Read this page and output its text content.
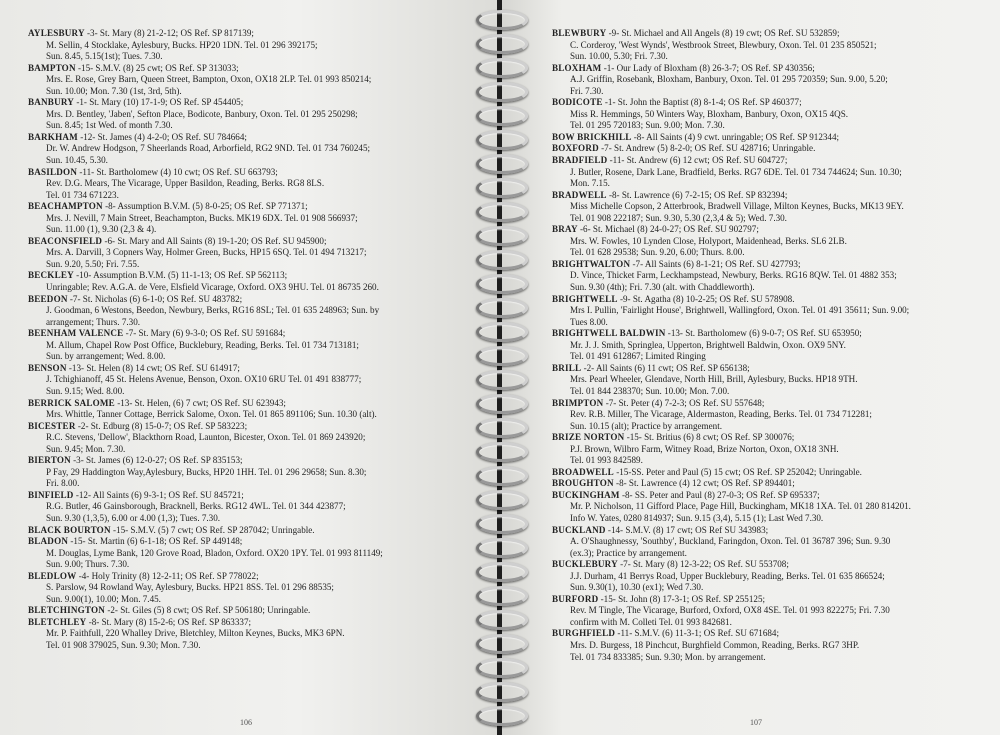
AYLESBURY -3- St. Mary (8) 21-2-12; OS Ref. SP 817139;
M. Sellin, 4 Stocklake, Aylesbury, Bucks. HP20 1DN. Tel. 01 296 392175;
Sun. 8.45, 5.15(1st); Tues. 7.30.
BAMPTON -15- S.M.V. (8) 25 cwt; OS Ref. SP 313033;
Mrs. E. Rose, Grey Barn, Queen Street, Bampton, Oxon, OX18 2LP. Tel. 01 993 850214;
Sun. 10.00; Mon. 7.30 (1st, 3rd, 5th).
BANBURY -1- St. Mary (10) 17-1-9; OS Ref. SP 454405;
Mrs. D. Bentley, 'Jaben', Sefton Place, Bodicote, Banbury, Oxon. Tel. 01 295 250298;
Sun. 8.45; 1st Wed. of month 7.30.
BARKHAM -12- St. James (4) 4-2-0; OS Ref. SU 784664;
Dr. W. Andrew Hodgson, 7 Sheerlands Road, Arborfield, RG2 9ND. Tel. 01 734 760245;
Sun. 10.45, 5.30.
BASILDON -11- St. Bartholomew (4) 10 cwt; OS Ref. SU 663793;
Rev. D.G. Mears, The Vicarage, Upper Basildon, Reading, Berks. RG8 8LS.
Tel. 01 734 671223.
BEACHAMPTON -8- Assumption B.V.M. (5) 8-0-25; OS Ref. SP 771371;
Mrs. J. Nevill, 7 Main Street, Beachampton, Bucks. MK19 6DX. Tel. 01 908 566937;
Sun. 11.00 (1), 9.30 (2,3 & 4).
BEACONSFIELD -6- St. Mary and All Saints (8) 19-1-20; OS Ref. SU 945900;
Mrs. A. Darvill, 3 Copners Way, Holmer Green, Bucks, HP15 6SQ. Tel. 01 494 713217;
Sun. 9.20, 5.50; Fri. 7.55.
BECKLEY -10- Assumption B.V.M. (5) 11-1-13; OS Ref. SP 562113;
Unringable; Rev. A.G.A. de Vere, Elsfield Vicarage, Oxford. OX3 9HU. Tel. 01 86735 260.
BEEDON -7- St. Nicholas (6) 6-1-0; OS Ref. SU 483782;
J. Goodman, 6 Westons, Beedon, Newbury, Berks, RG16 8SL; Tel. 01 635 248963; Sun. by
arrangement; Thurs. 7.30.
BEENHAM VALENCE -7- St. Mary (6) 9-3-0; OS Ref. SU 591684;
M. Allum, Chapel Row Post Office, Bucklebury, Reading, Berks. Tel. 01 734 713181;
Sun. by arrangement; Wed. 8.00.
BENSON -13- St. Helen (8) 14 cwt; OS Ref. SU 614917;
J. Tchighianoff, 45 St. Helens Avenue, Benson, Oxon. OX10 6RU Tel. 01 491 838777;
Sun. 9.15; Wed. 8.00.
BERRICK SALOME -13- St. Helen, (6) 7 cwt; OS Ref. SU 623943;
Mrs. Whittle, Tanner Cottage, Berrick Salome, Oxon. Tel. 01 865 891106; Sun. 10.30 (alt).
BICESTER -2- St. Edburg (8) 15-0-7; OS Ref. SP 583223;
R.C. Stevens, 'Dellow', Blackthorn Road, Launton, Bicester, Oxon. Tel. 01 869 243920;
Sun. 9.45; Mon. 7.30.
BIERTON -3- St. James (6) 12-0-27; OS Ref. SP 835153;
P Fay, 29 Haddington Way,Aylesbury, Bucks, HP20 1HH. Tel. 01 296 29658; Sun. 8.30;
Fri. 8.00.
BINFIELD -12- All Saints (6) 9-3-1; OS Ref. SU 845721;
R.G. Butler, 46 Gainsborough, Bracknell, Berks. RG12 4WL. Tel. 01 344 423877;
Sun. 9.30 (1,3,5), 6.00 or 4.00 (1,3); Tues. 7.30.
BLACK BOURTON -15- S.M.V. (5) 7 cwt; OS Ref. SP 287042; Unringable.
BLADON -15- St. Martin (6) 6-1-18; OS Ref. SP 449148;
M. Douglas, Lyme Bank, 120 Grove Road, Bladon, Oxford. OX20 1PY. Tel. 01 993 811149;
Sun. 9.00; Thurs. 7.30.
BLEDLOW -4- Holy Trinity (8) 12-2-11; OS Ref. SP 778022;
S. Parslow, 94 Rowland Way, Aylesbury, Bucks. HP21 8SS. Tel. 01 296 88535;
Sun. 9.00(1), 10.00; Mon. 7.45.
BLETCHINGTON -2- St. Giles (5) 8 cwt; OS Ref. SP 506180; Unringable.
BLETCHLEY -8- St. Mary (8) 15-2-6; OS Ref. SP 863337;
Mr. P. Faithfull, 220 Whalley Drive, Bletchley, Milton Keynes, Bucks, MK3 6PN.
Tel. 01 908 379025, Sun. 9.30; Mon. 7.30.
106
BLEWBURY -9- St. Michael and All Angels (8) 19 cwt; OS Ref. SU 532859;
C. Corderoy, 'West Wynds', Westbrook Street, Blewbury, Oxon. Tel. 01 235 850521;
Sun. 10.00, 5.30; Fri. 7.30.
BLOXHAM -1- Our Lady of Bloxham (8) 26-3-7; OS Ref. SP 430356;
A.J. Griffin, Rosebank, Bloxham, Banbury, Oxon. Tel. 01 295 720359; Sun. 9.00, 5.20;
Fri. 7.30.
BODICOTE -1- St. John the Baptist (8) 8-1-4; OS Ref. SP 460377;
Miss R. Hemmings, 50 Winters Way, Bloxham, Banbury, Oxon, OX15 4QS.
Tel. 01 295 720183; Sun. 9.00; Mon. 7.30.
BOW BRICKHILL -8- All Saints (4) 9 cwt. unringable; OS Ref. SP 912344;
BOXFORD -7- St. Andrew (5) 8-2-0; OS Ref. SU 428716; Unringable.
BRADFIELD -11- St. Andrew (6) 12 cwt; OS Ref. SU 604727;
J. Butler, Rosene, Dark Lane, Bradfield, Berks. RG7 6DE. Tel. 01 734 744624; Sun. 10.30;
Mon. 7.15.
BRADWELL -8- St. Lawrence (6) 7-2-15; OS Ref. SP 832394;
Miss Michelle Copson, 2 Atterbrook, Bradwell Village, Milton Keynes, Bucks, MK13 9EY.
Tel. 01 908 222187; Sun. 9.30, 5.30 (2,3,4 & 5); Wed. 7.30.
BRAY -6- St. Michael (8) 24-0-27; OS Ref. SU 902797;
Mrs. W. Fowles, 10 Lynden Close, Holyport, Maidenhead, Berks. SL6 2LB.
Tel. 01 628 29538; Sun. 9.20, 6.00; Thurs. 8.00.
BRIGHTWALTON -7- All Saints (6) 8-1-21; OS Ref. SU 427793;
D. Vince, Thicket Farm, Leckhampstead, Newbury, Berks. RG16 8QW. Tel. 01 4882 353;
Sun. 9.30 (4th); Fri. 7.30 (alt. with Chaddleworth).
BRIGHTWELL -9- St. Agatha (8) 10-2-25; OS Ref. SU 578908.
Mrs I. Pullin, 'Fairlight House', Brightwell, Wallingford, Oxon. Tel. 01 491 35611; Sun. 9.00;
Tues 8.00.
BRIGHTWELL BALDWIN -13- St. Bartholomew (6) 9-0-7; OS Ref. SU 653950;
Mr. J. J. Smith, Springlea, Upperton, Brightwell Baldwin, Oxon. OX9 5NY.
Tel. 01 491 612867; Limited Ringing
BRILL -2- All Saints (6) 11 cwt; OS Ref. SP 656138;
Mrs. Pearl Wheeler, Glendave, North Hill, Brill, Aylesbury, Bucks. HP18 9TH.
Tel. 01 844 238370; Sun. 10.00; Mon. 7.00.
BRIMPTON -7- St. Peter (4) 7-2-3; OS Ref. SU 557648;
Rev. R.B. Miller, The Vicarage, Aldermaston, Reading, Berks. Tel. 01 734 712281;
Sun. 10.15 (alt); Practice by arrangement.
BRIZE NORTON -15- St. Britius (6) 8 cwt; OS Ref. SP 300076;
P.J. Brown, Wilbro Farm, Witney Road, Brize Norton, Oxon, OX18 3NH.
Tel. 01 993 842589.
BROADWELL -15-SS. Peter and Paul (5) 15 cwt; OS Ref. SP 252042; Unringable.
BROUGHTON -8- St. Lawrence (4) 12 cwt; OS Ref. SP 894401;
BUCKINGHAM -8- SS. Peter and Paul (8) 27-0-3; OS Ref. SP 695337;
Mr. P. Nicholson, 11 Gifford Place, Page Hill, Buckingham, MK18 1XA. Tel. 01 280 814201.
Info W. Yates, 0280 814937; Sun. 9.15 (3,4), 5.15 (1); Last Wed 7.30.
BUCKLAND -14- S.M.V. (8) 17 cwt; OS Ref SU 343983;
A. O'Shaughnessy, 'Southby', Buckland, Faringdon, Oxon. Tel. 01 36787 396; Sun. 9.30
(ex.3); Practice by arrangement.
BUCKLEBURY -7- St. Mary (8) 12-3-22; OS Ref. SU 553708;
J.J. Durham, 41 Berrys Road, Upper Bucklebury, Reading, Berks. Tel. 01 635 866524;
Sun. 9.30(1), 10.30 (ex1); Wed 7.30.
BURFORD -15- St. John (8) 17-3-1; OS Ref. SP 255125;
Rev. M Tingle, The Vicarage, Burford, Oxford, OX8 4SE. Tel. 01 993 822275; Fri. 7.30
confirm with M. Colleti Tel. 01 993 842681.
BURGHFIELD -11- S.M.V. (6) 11-3-1; OS Ref. SU 671684;
Mrs. D. Burgess, 18 Pinchcut, Burghfield Common, Reading, Berks. RG7 3HP.
Tel. 01 734 833385; Sun. 9.30; Mon. by arrangement.
107
